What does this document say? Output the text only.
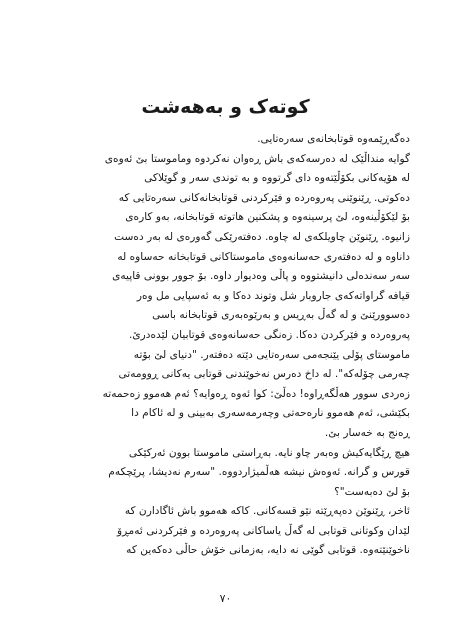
کوتەک و بەهەشت
دەگەڕێمەوە قوتابخانەی سەرەتایی.
گوایە منداڵێک لە دەرسەکەی باش ڕەوان نەکردوە وماموستا بێ ئەوەی
لە هۆیەکانی بکۆڵێتەوە دای گرتووە و بە توندی سەر و گوێلاکی
دەکوتی. ڕێنوێنی پەروەردە و فێرکردنی قوتابخانەکانی سەرەتایی کە
بۆ لێکۆڵینەوە، لێ پرسینەوە و پشکنین هاتوتە قوتابخانە، بەو کارەی
زانیوە. ڕێنوێن چاویلکەی لە چاوە. دەفتەرێکی گەورەی لە بەر دەست
داناوە و لە دەفتەری حەسانەوەی ماموستاکانی قوتابخانە حەساوە لە
سەر سەندەلی دانیشتووە و پاڵی وەدیوار داوە. بۆ جوور بوونی قاپیەی
قیافە گراواتەکەی جاروبار شل وتوند دەکا و بە ئەسپایی مل وەر
دەسوورێنێ و لە گەڵ بەڕیس و بەرێوەبەری قوتابخانە باسی
پەروەردە و فێرکردن دەکا. زەنگی حەسانەوەی قوتابیان لێدەدرێ.
ماموستای پۆلی یێنجەمی سەرەتایی دێتە دەفتەر. "دنیای لێ بۆتە
چەرمی چۆلەکە". لە داخ دەرس نەخوێندنی قوتابی یەکانی ڕوومەتی
زەردی سوور هەڵگەڕاوە! دەڵێ: کوا ئەوە ڕەوایە؟ ئەم هەموو زەحمەتە
بکێشی، ئەم هەموو نارەحەتی وچەرمەسەری بەبینی و لە ئاکام دا
ڕەنج بە خەسار بێ.
هیچ ڕێگایەکیش وەبەر چاو نایە. بەڕاستی ماموستا بوون ئەرکێکی
قورس و گرانە. ئەوەش نیشە هەڵمیژاردووە. "سەرم نەدیشا، پرێچکەم
بۆ لێ دەبەست"؟
ئاخر، ڕێنوێن دەپەڕێتە نێو قسەکانی. کاکە هەموو باش ئاگادارن کە
لێدان وکوتانی قوتابی لە گەڵ یاساکانی پەروەردە و فێرکردنی ئەمڕۆ
ناخوێنێتەوە. قوتابی گوێی نە دایە، بەزمانی خۆش حاڵی دەکەین کە
٧٠
